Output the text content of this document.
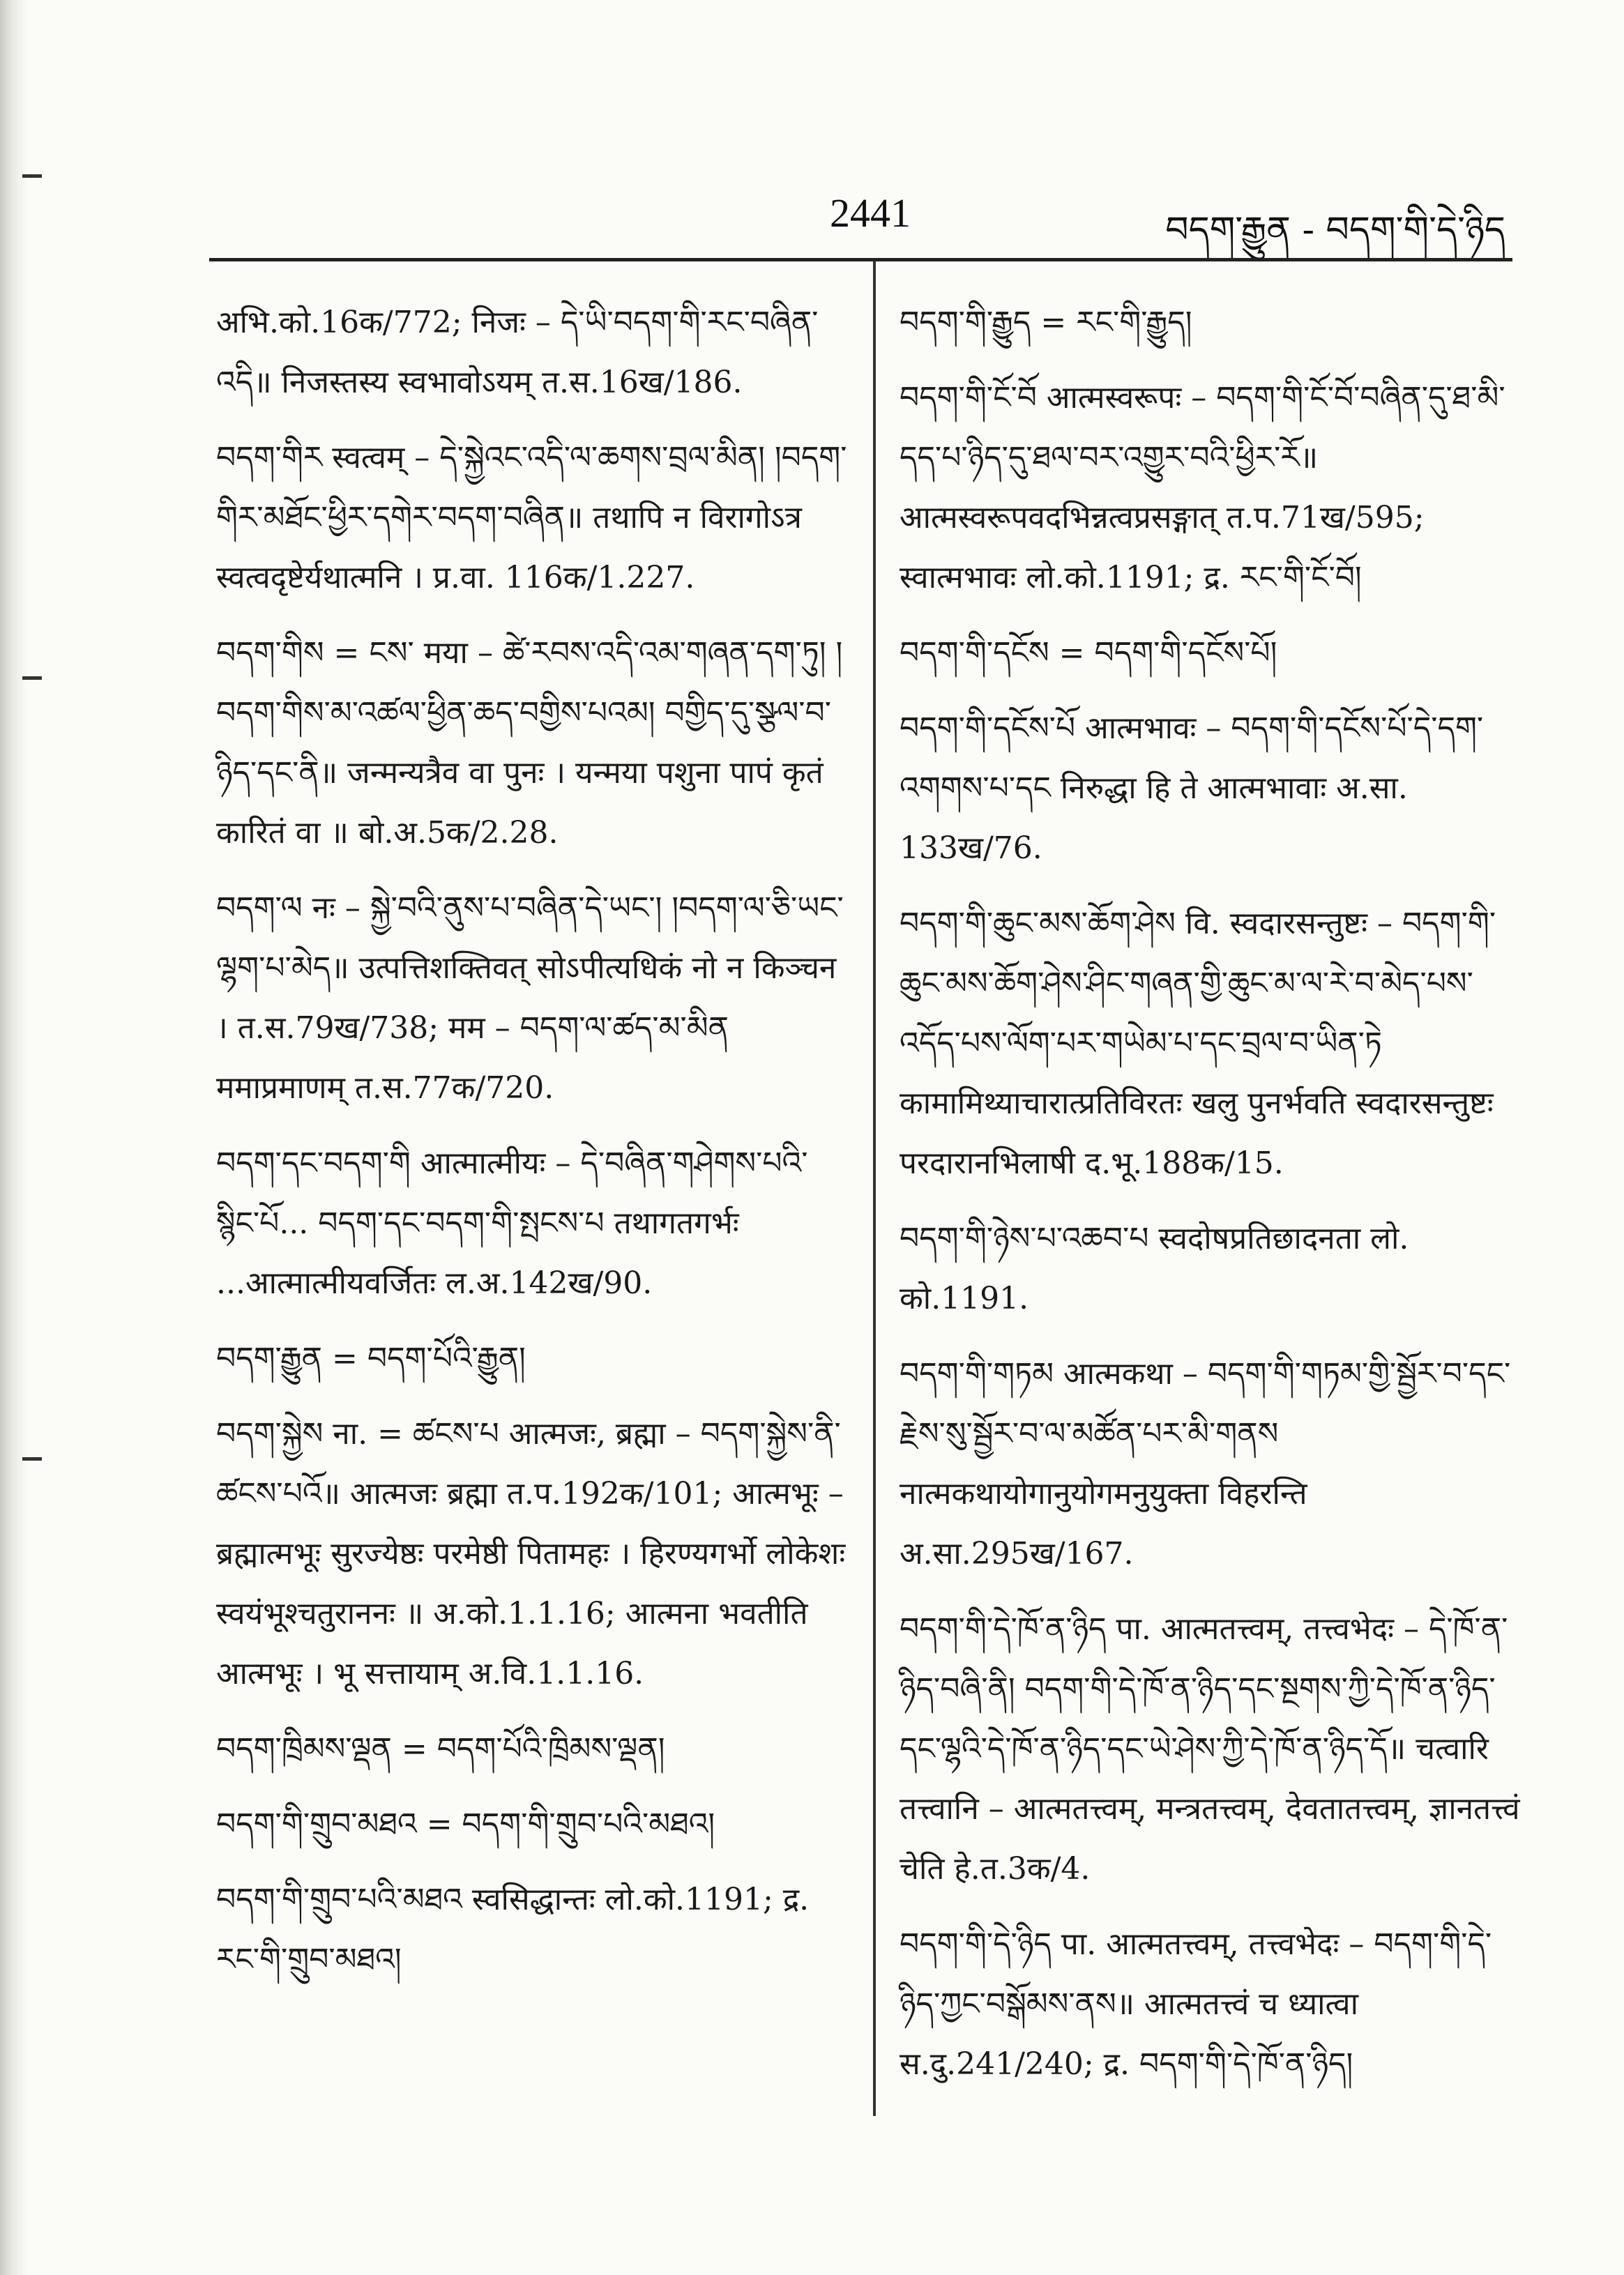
2441	བདག་རྒྱུན - བདག་གི་དེ་ཉིད
अभि.को.16क/772; निजः – དེ་ཡི་བདག་གི་རང་བཞིན་འདི॥ निजस्तस्य स्वभावोऽयम् त.स.16ख/186.
བདག་གིར स्वत्वम् – དེ་སྐྱེའང་འདི་ལ་ཆགས་བྲལ་མིན། །བདག་གིར་མཐོང་ཕྱིར་དགེར་བདག་བཞིན॥ तथापि न विरागोऽत्र स्वत्वदृष्टेर्यथात्मनि । प्र.वा. 116क/1.227.
བདག་གིས = ངས་ मया – ཚེ་རབས་འདི་འམ་གཞན་དག་ཏུ། །བདག་གིས་མ་འཚལ་ཕྱིན་ཆད་བགྱིས་པའམ། བགྱིད་དུ་སྩལ་བ་ཉིད་དང་ནི॥ जन्मन्यत्रैव वा पुनः । यन्मया पशुना पापं कृतं कारितं वा ॥ बो.अ.5क/2.28.
བདག་ལ नः – སྐྱེ་བའི་ནུས་པ་བཞིན་དེ་ཡང་། །བདག་ལ་ཅི་ཡང་ལྷག་པ་མེད॥ उत्पत्तिशक्तिवत् सोऽपीत्यधिकं नो न किञ्चन । त.स.79ख/738; मम – བདག་ལ་ཚད་མ་མིན ममाप्रमाणम् त.स.77क/720.
བདག་དང་བདག་གི आत्मात्मीयः – དེ་བཞིན་གཤེགས་པའི་སྙིང་པོ... བདག་དང་བདག་གི་སྤངས་པ तथागतगर्भः ...आत्मात्मीयवर्जितः ल.अ.142ख/90.
བདག་རྒྱུན = བདག་པོའི་རྒྱུན།
བདག་སྐྱེས ना. = ཚངས་པ आत्मजः, ब्रह्मा – བདག་སྐྱེས་ནི་ཚངས་པའོ॥ आत्मजः ब्रह्मा त.प.192क/101; आत्मभूः – ब्रह्मात्मभूः सुरज्येष्ठः परमेष्ठी पितामहः । हिरण्यगर्भो लोकेशः स्वयंभूश्चतुराननः ॥ अ.को.1.1.16; आत्मना भवतीति आत्मभूः । भू सत्तायाम् अ.वि.1.1.16.
བདག་ཁྲིམས་ལྡན = བདག་པོའི་ཁྲིམས་ལྡན།
བདག་གི་གྲུབ་མཐའ = བདག་གི་གྲུབ་པའི་མཐའ།
བདག་གི་གྲུབ་པའི་མཐའ स्वसिद्धान्तः लो.को.1191; द्र. རང་གི་གྲུབ་མཐའ།
བདག་གི་རྒྱུད = རང་གི་རྒྱུད།
བདག་གི་ངོ་བོ आत्मस्वरूपः – བདག་གི་ངོ་བོ་བཞིན་དུ་ཐ་མི་དད་པ་ཉིད་དུ་ཐལ་བར་འགྱུར་བའི་ཕྱིར་རོ॥ आत्मस्वरूपवदभिन्नत्वप्रसङ्गात् त.प.71ख/595; स्वात्मभावः लो.को.1191; द्र. རང་གི་ངོ་བོ།
བདག་གི་དངོས = བདག་གི་དངོས་པོ།
བདག་གི་དངོས་པོ आत्मभावः – བདག་གི་དངོས་པོ་དེ་དག་འགགས་པ་དང निरुद्धा हि ते आत्मभावाः अ.सा. 133ख/76.
བདག་གི་ཆུང་མས་ཆོག་ཤེས वि. स्वदारसन्तुष्टः – བདག་གི་ཆུང་མས་ཆོག་ཤེས་ཤིང་གཞན་གྱི་ཆུང་མ་ལ་རེ་བ་མེད་པས་འདོད་པས་ལོག་པར་གཡེམ་པ་དང་བྲལ་བ་ཡིན་ཏེ कामामिथ्याचारात्प्रतिविरतः खलु पुनर्भवति स्वदारसन्तुष्टः परदारानभिलाषी द.भू.188क/15.
བདག་གི་ཉེས་པ་འཆབ་པ स्वदोषप्रतिछादनता लो. को.1191.
བདག་གི་གཏམ आत्मकथा – བདག་གི་གཏམ་གྱི་སྦྱོར་བ་དང་རྗེས་སུ་སྦྱོར་བ་ལ་མཚོན་པར་མི་གནས नात्मकथायोगानुयोगमनुयुक्ता विहरन्ति अ.सा.295ख/167.
བདག་གི་དེ་ཁོ་ན་ཉིད पा. आत्मतत्त्वम्, तत्त्वभेदः – དེ་ཁོ་ན་ཉིད་བཞི་ནི། བདག་གི་དེ་ཁོ་ན་ཉིད་དང་སྔགས་ཀྱི་དེ་ཁོ་ན་ཉིད་དང་ལྷའི་དེ་ཁོ་ན་ཉིད་དང་ཡེ་ཤེས་ཀྱི་དེ་ཁོ་ན་ཉིད་དོ॥ चत्वारि तत्त्वानि – आत्मतत्त्वम्, मन्त्रतत्त्वम्, देवतातत्त्वम्, ज्ञानतत्त्वं चेति हे.त.3क/4.
བདག་གི་དེ་ཉིད पा. आत्मतत्त्वम्, तत्त्वभेदः – བདག་གི་དེ་ཉིད་ཀྱང་བསྒོམས་ནས॥ आत्मतत्त्वं च ध्यात्वा स.दु.241/240; द्र. བདག་གི་དེ་ཁོ་ན་ཉིད།
